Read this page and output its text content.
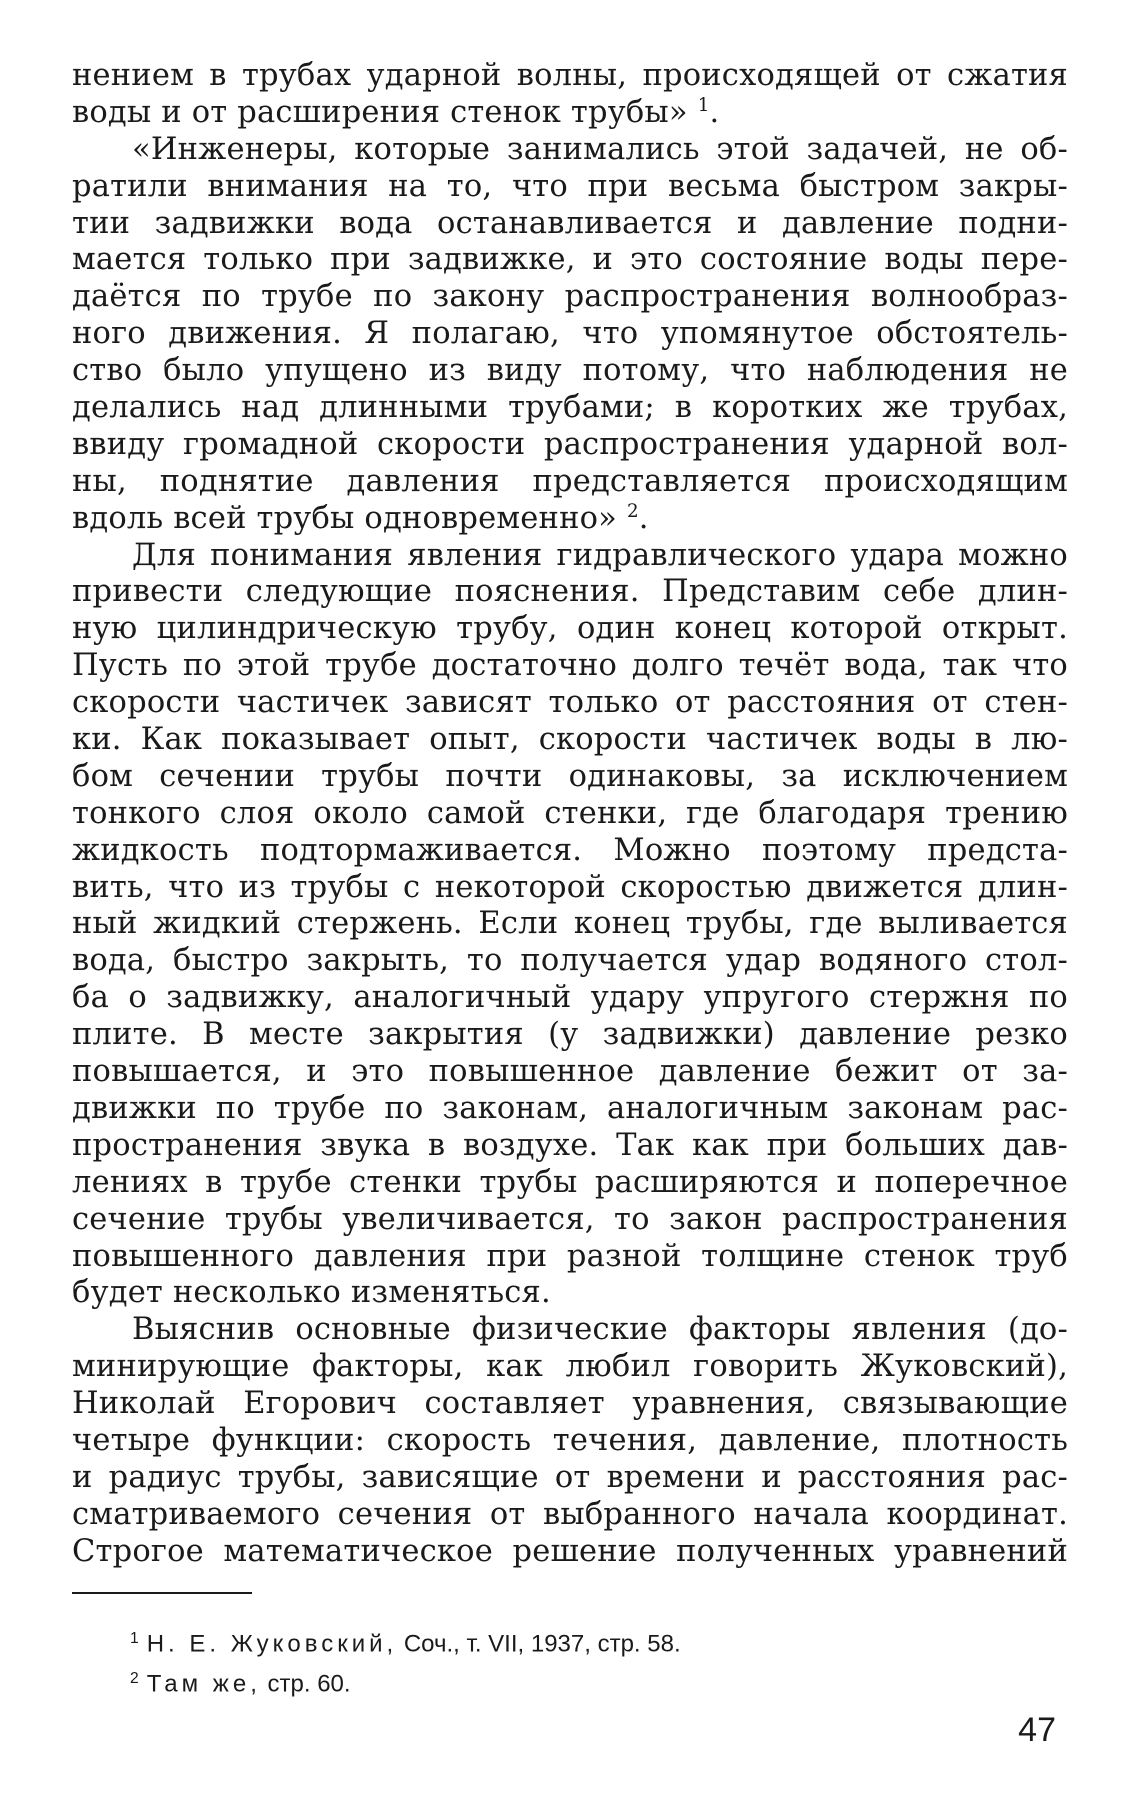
нением в трубах ударной волны, происходящей от сжатия
воды и от расширения стенок трубы» $^1$.
«Инженеры, которые занимались этой задачей, не об-
ратили внимания на то, что при весьма быстром закры-
тии задвижки вода останавливается и давление подни-
мается только при задвижке, и это состояние воды пере-
даётся по трубе по закону распространения волнообраз-
ного движения. Я полагаю, что упомянутое обстоятель-
ство было упущено из виду потому, что наблюдения не
делались над длинными трубами; в коротких же трубах,
ввиду громадной скорости распространения ударной вол-
ны, поднятие давления представляется происходящим
вдоль всей трубы одновременно» $^2$.
Для понимания явления гидравлического удара можно
привести следующие пояснения. Представим себе длин-
ную цилиндрическую трубу, один конец которой открыт.
Пусть по этой трубе достаточно долго течёт вода, так что
скорости частичек зависят только от расстояния от стен-
ки. Как показывает опыт, скорости частичек воды в лю-
бом сечении трубы почти одинаковы, за исключением
тонкого слоя около самой стенки, где благодаря трению
жидкость подтормаживается. Можно поэтому предста-
вить, что из трубы с некоторой скоростью движется длин-
ный жидкий стержень. Если конец трубы, где выливается
вода, быстро закрыть, то получается удар водяного стол-
ба о задвижку, аналогичный удару упругого стержня по
плите. В месте закрытия (у задвижки) давление резко
повышается, и это повышенное давление бежит от за-
движки по трубе по законам, аналогичным законам рас-
пространения звука в воздухе. Так как при больших дав-
лениях в трубе стенки трубы расширяются и поперечное
сечение трубы увеличивается, то закон распространения
повышенного давления при разной толщине стенок труб
будет несколько изменяться.
Выяснив основные физические факторы явления (до-
минирующие факторы, как любил говорить Жуковский),
Николай Егорович составляет уравнения, связывающие
четыре функции: скорость течения, давление, плотность
и радиус трубы, зависящие от времени и расстояния рас-
сматриваемого сечения от выбранного начала координат.
Строгое математическое решение полученных уравнений
$^1$ Н. Е. Жуковский, Соч., т. VII, 1937, стр. 58.
$^2$ Там же, стр. 60.
47
